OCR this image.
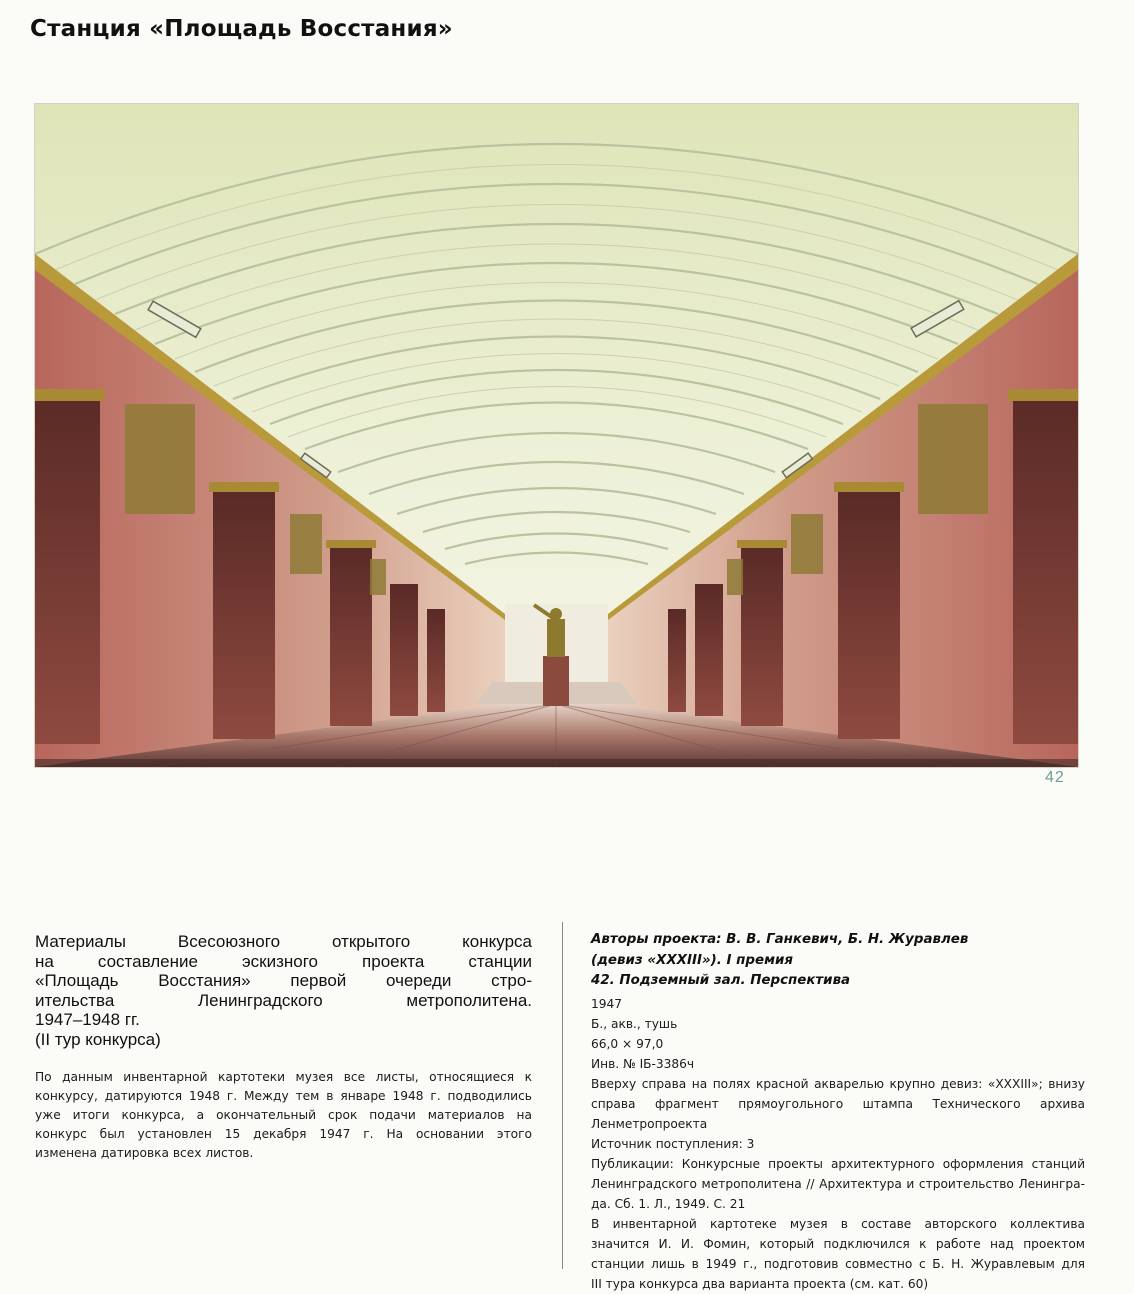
Станция «Площадь Восстания»
42
Материалы Всесоюзного открытого конкурса
на составление эскизного проекта станции
«Площадь Восстания» первой очереди стро-
ительства Ленинградского метрополитена.
1947–1948 гг.
(II тур конкурса)
По данным инвентарной картотеки музея все листы, относящиеся к
конкурсу, датируются 1948 г. Между тем в январе 1948 г. подводились
уже итоги конкурса, а окончательный срок подачи материалов на
конкурс был установлен 15 декабря 1947 г. На основании этого
изменена датировка всех листов.
Авторы проекта: В. В. Ганкевич, Б. Н. Журавлев
(девиз «XXXIII»). I премия
42. Подземный зал. Перспектива
1947
Б., акв., тушь
66,0 × 97,0
Инв. № IБ-3386ч
Вверху справа на полях красной акварелью крупно девиз: «XXXIII»; внизу
справа фрагмент прямоугольного штампа Технического архива Ленметропроекта
Источник поступления: 3
Публикации: Конкурсные проекты архитектурного оформления станций
Ленинградского метрополитена // Архитектура и строительство Ленингра-
да. Сб. 1. Л., 1949. С. 21
В инвентарной картотеке музея в составе авторского коллектива
значится И. И. Фомин, который подключился к работе над проектом
станции лишь в 1949 г., подготовив совместно с Б. Н. Журавлевым для
III тура конкурса два варианта проекта (см. кат. 60)
